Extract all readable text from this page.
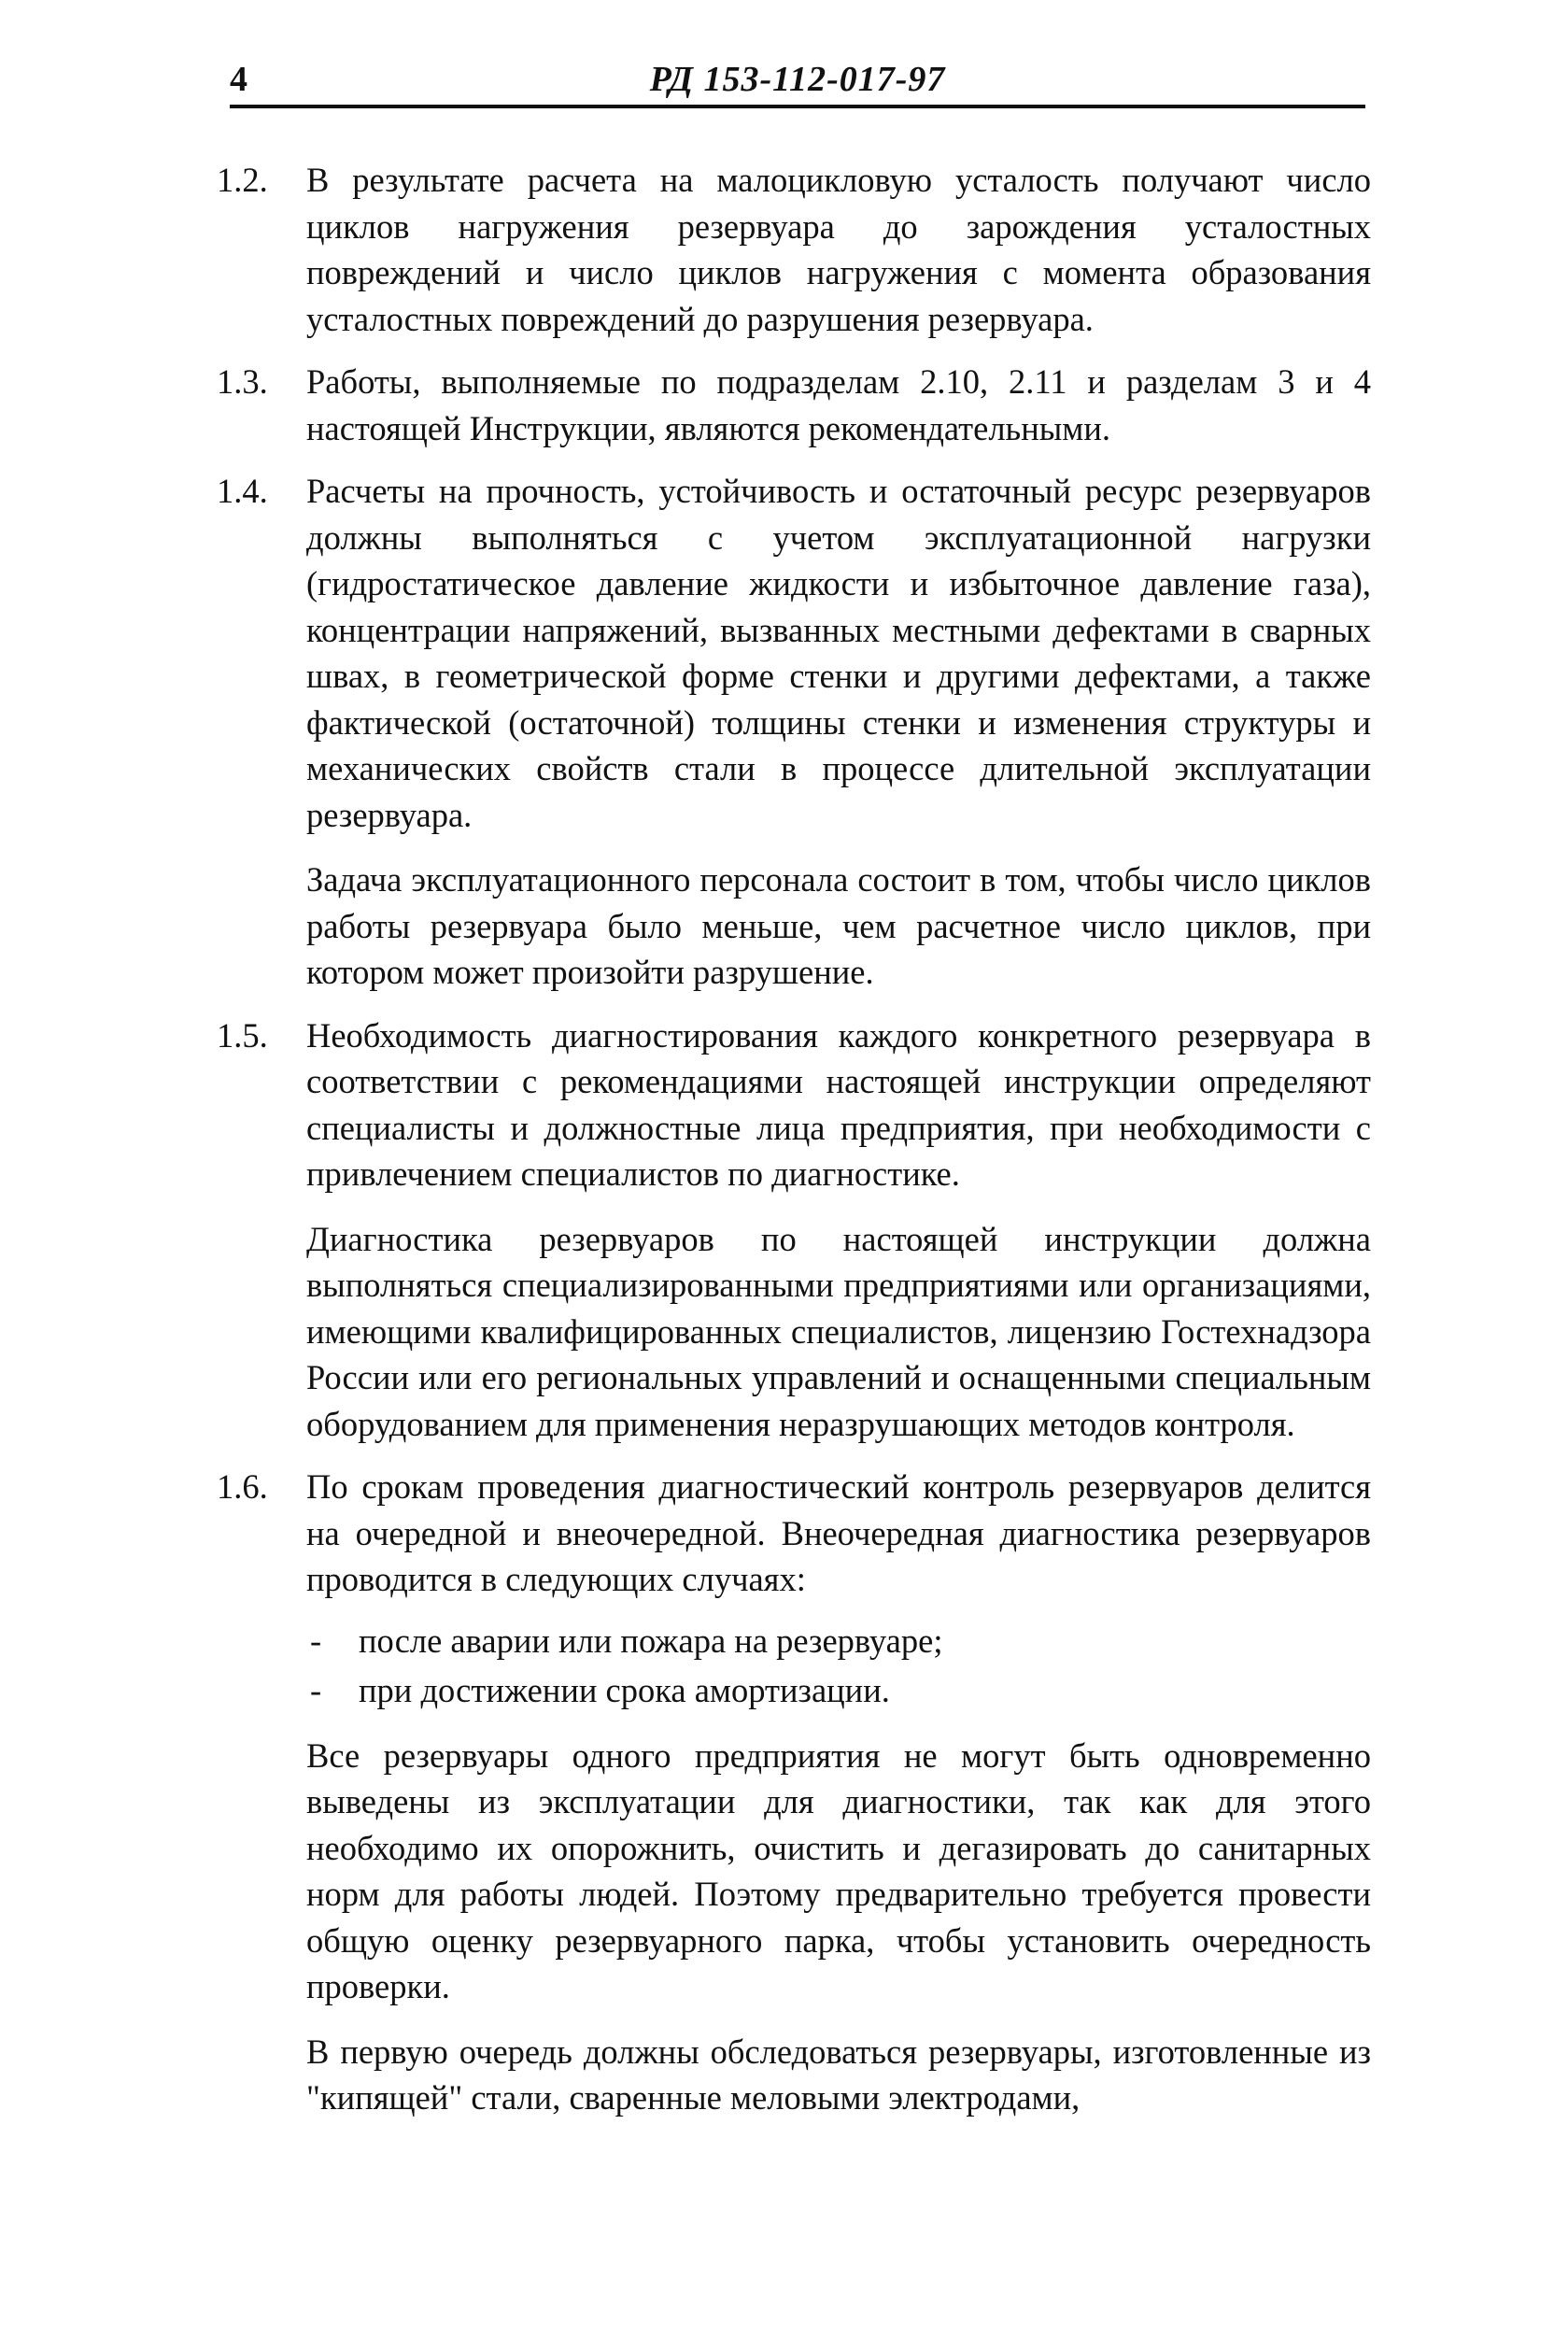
4	РД 153-112-017-97
1.2.	В результате расчета на малоцикловую усталость получают число циклов нагружения резервуара до зарождения усталостных повреждений и число циклов нагружения с момента образования усталостных повреждений до разрушения резервуара.

1.3.	Работы, выполняемые по подразделам 2.10, 2.11 и разделам 3 и 4 настоящей Инструкции, являются рекомендательными.

1.4.	Расчеты на прочность, устойчивость и остаточный ресурс резервуаров должны выполняться с учетом эксплуатационной нагрузки (гидростатическое давление жидкости и избыточное давление газа), концентрации напряжений, вызванных местными дефектами в сварных швах, в геометрической форме стенки и другими дефектами, а также фактической (остаточной) толщины стенки и изменения структуры и механических свойств стали в процессе длительной эксплуатации резервуара.

Задача эксплуатационного персонала состоит в том, чтобы число циклов работы резервуара было меньше, чем расчетное число циклов, при котором может произойти разрушение.

1.5.	Необходимость диагностирования каждого конкретного резервуара в соответствии с рекомендациями настоящей инструкции определяют специалисты и должностные лица предприятия, при необходимости с привлечением специалистов по диагностике.

Диагностика резервуаров по настоящей инструкции должна выполняться специализированными предприятиями или организациями, имеющими квалифицированных специалистов, лицензию Гостехнадзора России или его региональных управлений и оснащенными специальным оборудованием для применения неразрушающих методов контроля.

1.6.	По срокам проведения диагностический контроль резервуаров делится на очередной и внеочередной. Внеочередная диагностика резервуаров проводится в следующих случаях:

-	после аварии или пожара на резервуаре;
-	при достижении срока амортизации.

Все резервуары одного предприятия не могут быть одновременно выведены из эксплуатации для диагностики, так как для этого необходимо их опорожнить, очистить и дегазировать до санитарных норм для работы людей. Поэтому предварительно требуется провести общую оценку резервуарного парка, чтобы установить очередность проверки.

В первую очередь должны обследоваться резервуары, изготовленные из "кипящей" стали, сваренные меловыми электродами,
